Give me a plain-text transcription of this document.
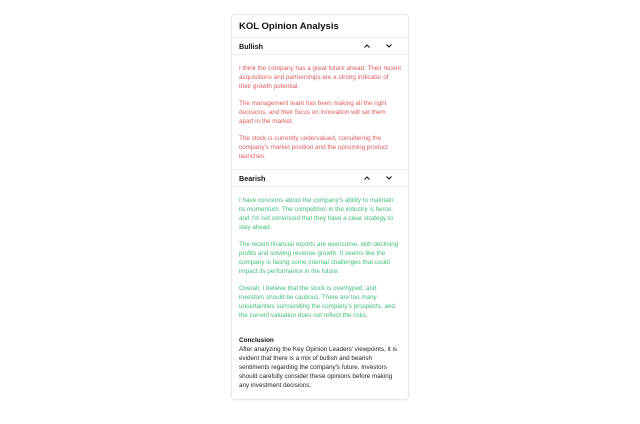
KOL Opinion Analysis
Bullish

I think the company has a great future ahead. Their recent acquisitions and partnerships are a strong indicator of their growth potential.

The management team has been making all the right decisions, and their focus on innovation will set them apart in the market.

The stock is currently undervalued, considering the company's market position and the upcoming product launches.

Bearish

I have concerns about the company's ability to maintain its momentum. The competition in the industry is fierce, and I'm not convinced that they have a clear strategy to stay ahead.

The recent financial reports are worrisome, with declining profits and slowing revenue growth. It seems like the company is facing some internal challenges that could impact its performance in the future.

Overall, I believe that the stock is overhyped, and investors should be cautious. There are too many uncertainties surrounding the company's prospects, and the current valuation does not reflect the risks.

Conclusion
After analyzing the Key Opinion Leaders' viewpoints, it is evident that there is a mix of bullish and bearish sentiments regarding the company's future. Investors should carefully consider these opinions before making any investment decisions.
